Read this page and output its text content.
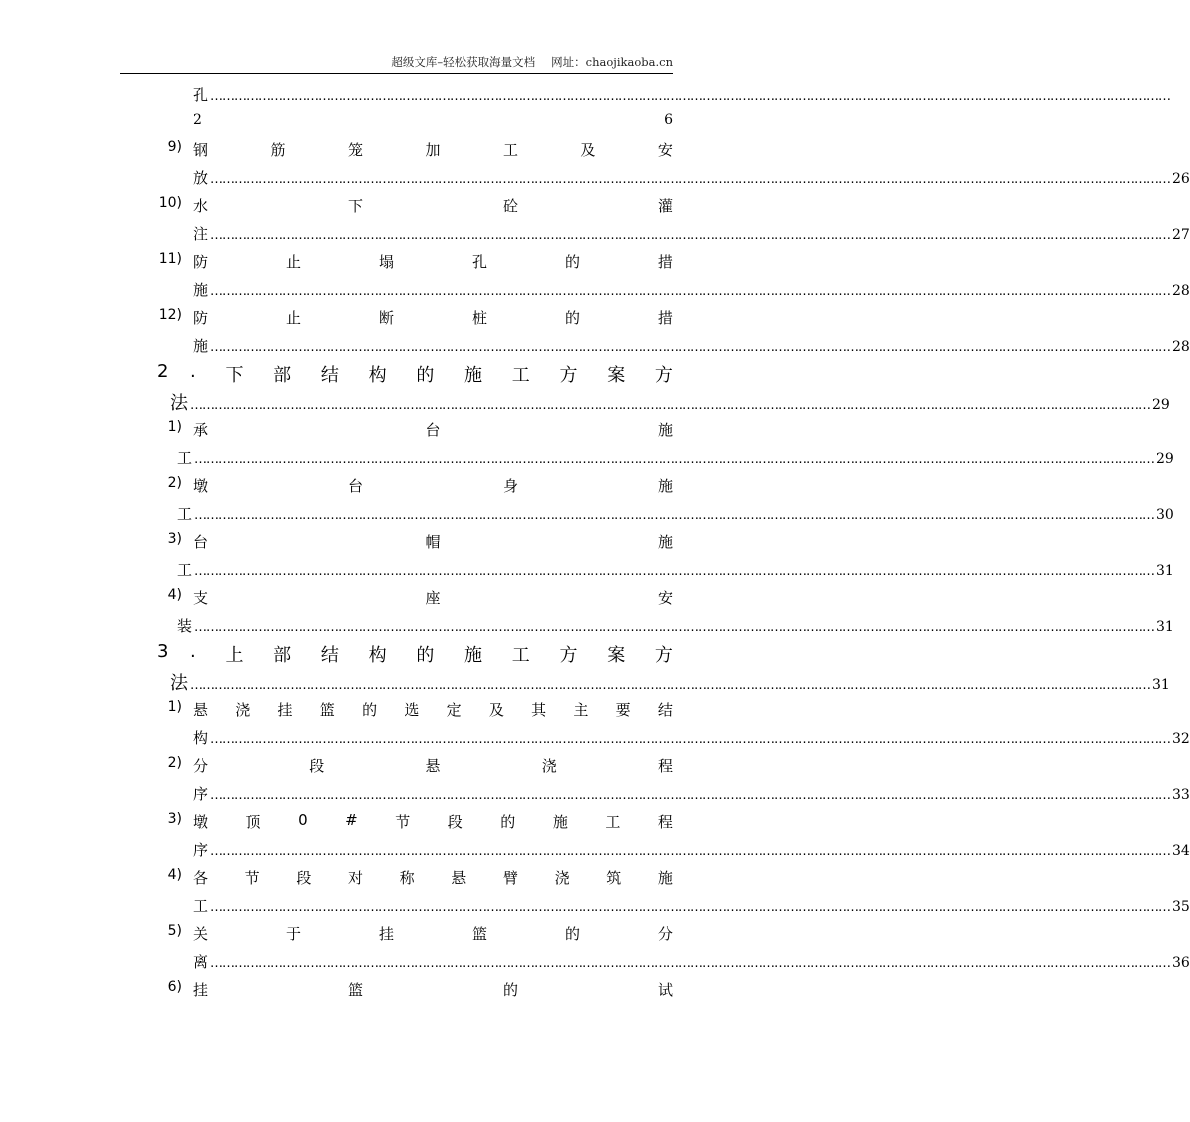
超级文库–轻松获取海量文档 网址：chaojikaoba.cn
孔 ……………………………………………………………………………………………………………………………………………………………………………………………………………………
2	6
9) 钢	筋	笼	加	工	及	安
放 …………………………………………………………………………………………………………………………………………………………………………………………………………………… 26
10) 水	下	砼	灌
注 …………………………………………………………………………………………………………………………………………………………………………………………………………………… 27
11) 防	止	塌	孔	的	措
施 …………………………………………………………………………………………………………………………………………………………………………………………………………………… 28
12) 防	止	断	桩	的	措
施 …………………………………………………………………………………………………………………………………………………………………………………………………………………… 28
2 . 下 部 结 构 的 施 工 方 案 方
法 …………………………………………………………………………………………………………………………………………………………………………………………………………………… 29
1) 承	台	施
工 …………………………………………………………………………………………………………………………………………………………………………………………………………………… 29
2) 墩	台	身	施
工 …………………………………………………………………………………………………………………………………………………………………………………………………………………… 30
3) 台	帽	施
工 …………………………………………………………………………………………………………………………………………………………………………………………………………………… 31
4) 支	座	安
装 …………………………………………………………………………………………………………………………………………………………………………………………………………………… 31
3 . 上 部 结 构 的 施 工 方 案 方
法 …………………………………………………………………………………………………………………………………………………………………………………………………………………… 31
1) 悬 浇 挂 篮 的 选 定 及 其 主 要 结
构 …………………………………………………………………………………………………………………………………………………………………………………………………………………… 32
2) 分	段	悬	浇	程
序 …………………………………………………………………………………………………………………………………………………………………………………………………………………… 33
3) 墩	顶	0	#	节	段	的	施	工	程
序 …………………………………………………………………………………………………………………………………………………………………………………………………………………… 34
4) 各 节 段 对 称 悬 臂 浇 筑 施
工 …………………………………………………………………………………………………………………………………………………………………………………………………………………… 35
5) 关	于	挂	篮	的	分
离 …………………………………………………………………………………………………………………………………………………………………………………………………………………… 36
6) 挂	篮	的	试
